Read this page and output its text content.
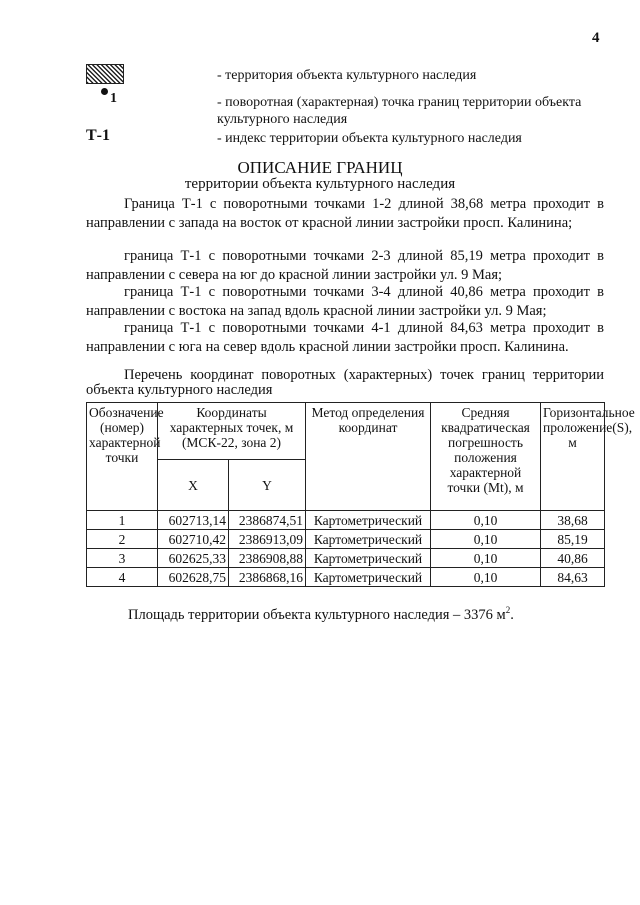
4
- территория объекта культурного наследия
1	- поворотная (характерная) точка границ территории объекта культурного наследия
Т-1	- индекс территории объекта культурного наследия
ОПИСАНИЕ ГРАНИЦ
территории объекта культурного наследия
Граница Т-1 с поворотными точками 1-2 длиной 38,68 метра проходит в направлении с запада на восток от красной линии застройки просп. Калинина;
граница Т-1 с поворотными точками 2-3 длиной 85,19 метра проходит в направлении с севера на юг до красной линии застройки ул. 9 Мая;
граница Т-1 с поворотными точками 3-4 длиной 40,86 метра проходит в направлении с востока на запад вдоль красной линии застройки ул. 9 Мая;
граница Т-1 с поворотными точками 4-1 длиной 84,63 метра проходит в направлении с юга на север вдоль красной линии застройки просп. Калинина.
Перечень координат поворотных (характерных) точек границ территории объекта культурного наследия
Обозначение (номер) характерной точки	Координаты характерных точек, м (МСК-22, зона 2)		Метод определения координат	Средняя квадратическая погрешность положения характерной точки (Mt), м	Горизонтальное проложение(S), м
	X	Y			
1	602713,14	2386874,51	Картометрический	0,10	38,68
2	602710,42	2386913,09	Картометрический	0,10	85,19
3	602625,33	2386908,88	Картометрический	0,10	40,86
4	602628,75	2386868,16	Картометрический	0,10	84,63
Площадь территории объекта культурного наследия – 3376 $м^2$.
